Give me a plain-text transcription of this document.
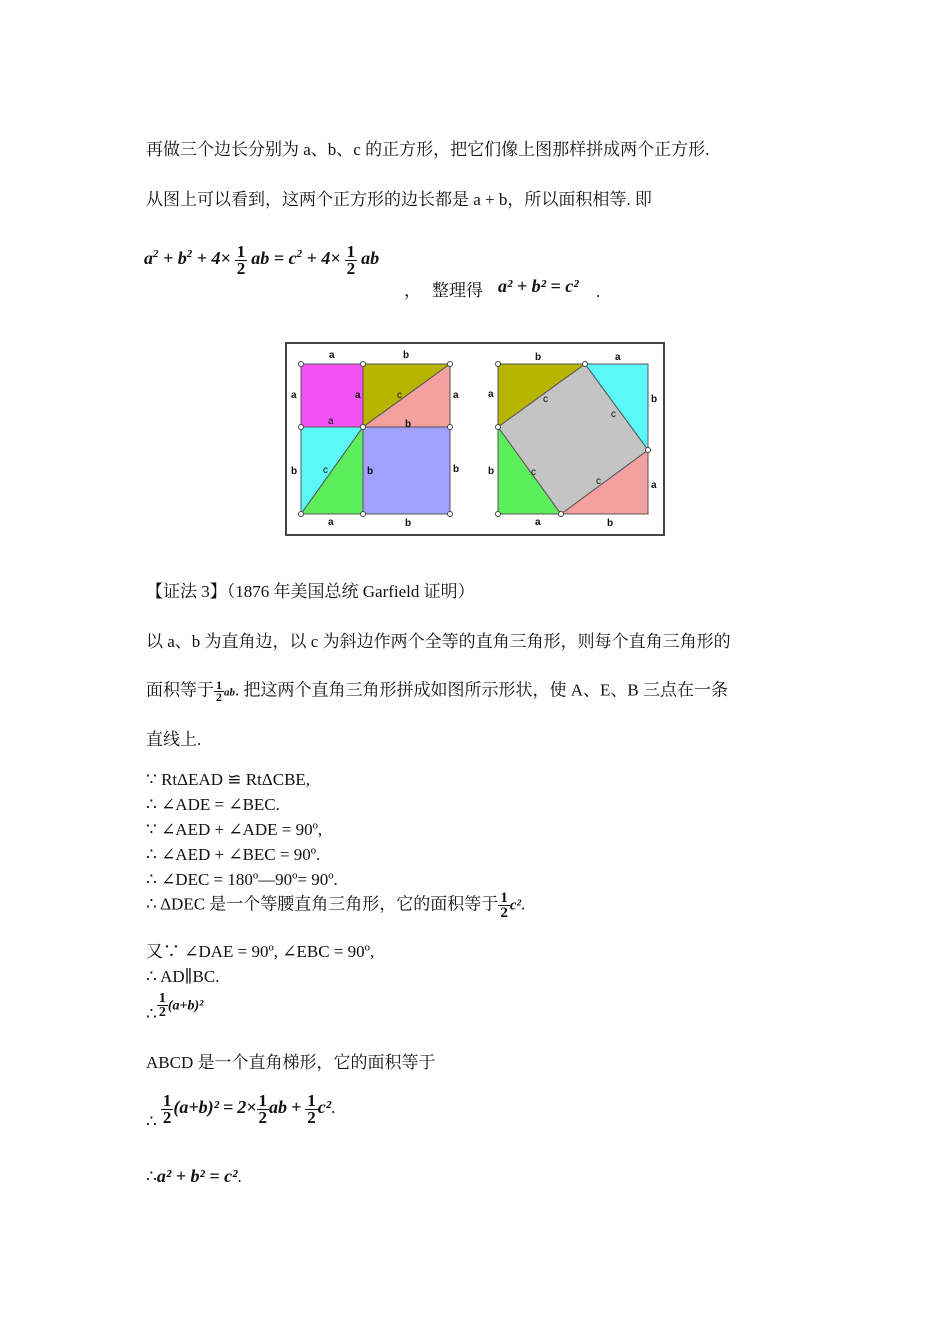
再做三个边长分别为 a、b、c 的正方形，把它们像上图那样拼成两个正方形.
从图上可以看到，这两个正方形的边长都是 a + b，所以面积相等. 即
$a^2 + b^2 + 4\times \frac{1}{2}$ ab = $c^2 + 4\times \frac{1}{2}$ ab
， 整理得 a² + b² = c² .
a	b
a	a	a
c
a	b
b	c	b	b
a	b
b	a
a	c
c
b
b	c
c	a
a	b
【证法 3】（1876 年美国总统 Garfield 证明）
以 a、b 为直角边，以 c 为斜边作两个全等的直角三角形，则每个直角三角形的
面积等于 $\frac{1}{2}$ ab. 把这两个直角三角形拼成如图所示形状，使 A、E、B 三点在一条
直线上.
∵ RtΔEAD ≌ RtΔCBE,
∴ ∠ADE = ∠BEC.
∵ ∠AED + ∠ADE = 90º,
∴ ∠AED + ∠BEC = 90º.
∴ ∠DEC = 180º—90º= 90º.
∴ ΔDEC 是一个等腰直角三角形，它的面积等于 $\frac{1}{2} c^2$.
又∵ ∠DAE = 90º, ∠EBC = 90º,
∴ AD∥BC.
∴ $\frac{1}{2} (a+b)^2$
ABCD 是一个直角梯形，它的面积等于
∴ $\frac{1}{2} (a+b)^2 = 2\times \frac{1}{2}$ ab + $\frac{1}{2} c^2$.
∴a² + b² = c².
